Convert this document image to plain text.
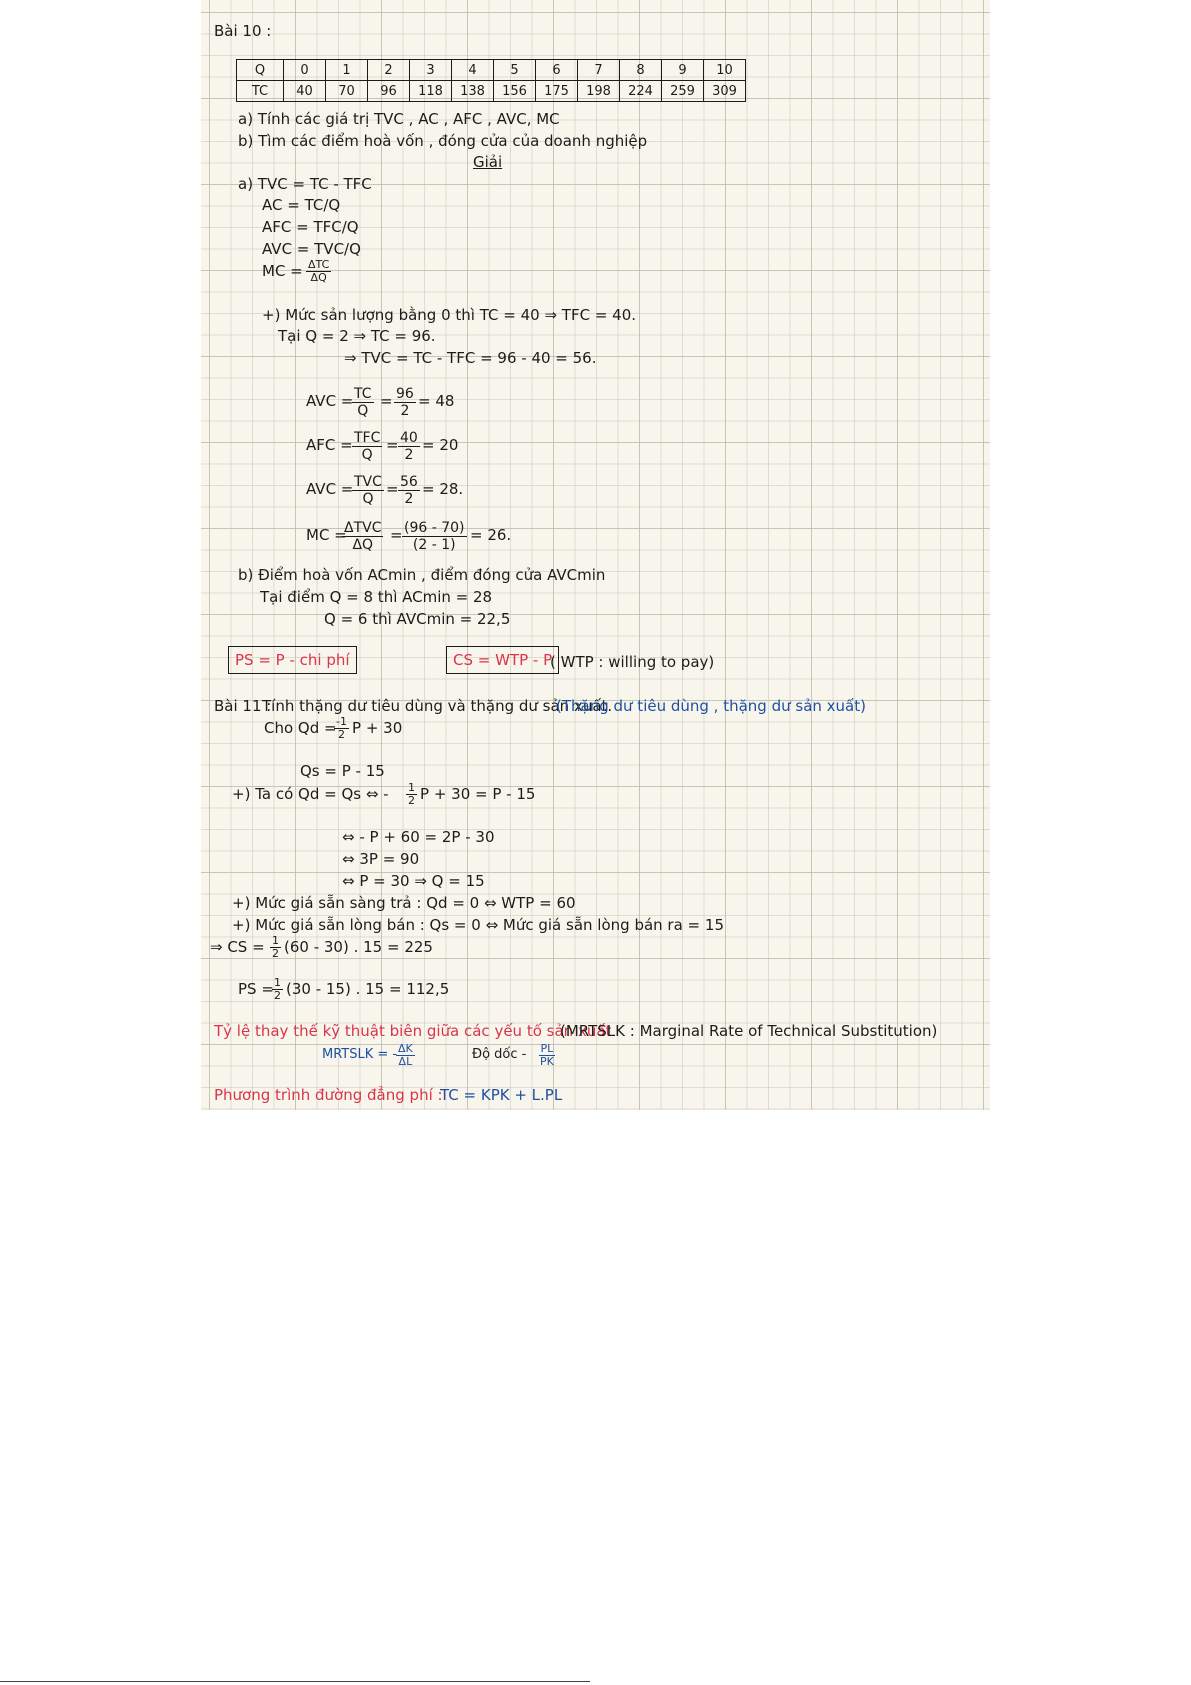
Bài 10 :
Q	0	1	2	3	4	5	6	7	8	9	10
TC	40	70	96	118	138	156	175	198	224	259	309
a) Tính các giá trị TVC , AC , AFC , AVC, MC
b) Tìm các điểm hoà vốn , đóng cửa của doanh nghiệp
Giải
a) TVC = TC - TFC
AC = TC/Q
AFC = TFC/Q
AVC = TVC/Q
MC = ΔTC
ΔQ
+) Mức sản lượng bằng 0 thì TC = 40 ⇒ TFC = 40.
Tại Q = 2 ⇒ TC = 96.
⇒ TVC = TC - TFC = 96 - 40 = 56.
AVC =
$\frac{TC}{Q} = \frac{96}{2} = 48$
AFC = TFC
Q
= $\frac{40}{2} = 20$
AVC = TVC
Q
= $\frac{56}{2} = 28$.
MC =
ΔTVC
ΔQ
= $\frac{(96 - 70)}{(2 - 1)} = 26$.
b) Điểm hoà vốn ACmin , điểm đóng cửa AVCmin
Tại điểm Q = 8 thì ACmin = 28
Q = 6 thì AVCmin = 22,5
PS = P - chi phí	CS = WTP - P
( WTP : willing to pay)
Bài 11 :
Tính thặng dư tiêu dùng và thặng dư sản xuất.
(Thặng dư tiêu dùng , thặng dư sản xuất)
Cho Qd =
$\frac{-1}{2}$ P + 30
Qs = P - 15
+) Ta có Qd = Qs ⇔ - $\frac{1}{2}$ P + 30 = P - 15
⇔ - P + 60 = 2P - 30
⇔ 3P = 90
⇔ P = 30 ⇒ Q = 15
+) Mức giá sẵn sàng trả : Qd = 0 ⇔ WTP = 60
+) Mức giá sẵn lòng bán : Qs = 0 ⇔ Mức giá sẵn lòng bán ra = 15
⇒ CS = $\frac{1}{2} (60 - 30)$ . 15 = 225
PS =
$\frac{1}{2} (30 - 15)$ . 15 = 112,5
Tỷ lệ thay thế kỹ thuật biên giữa các yếu tố sản xuất
(MRTSLK : Marginal Rate of Technical Substitution)
MRTSLK = -
$\frac{\Delta K}{\Delta L}$	Độ dốc - $\frac{PL}{PK}$
Phương trình đường đẳng phí :
TC = KPK + L.PL
